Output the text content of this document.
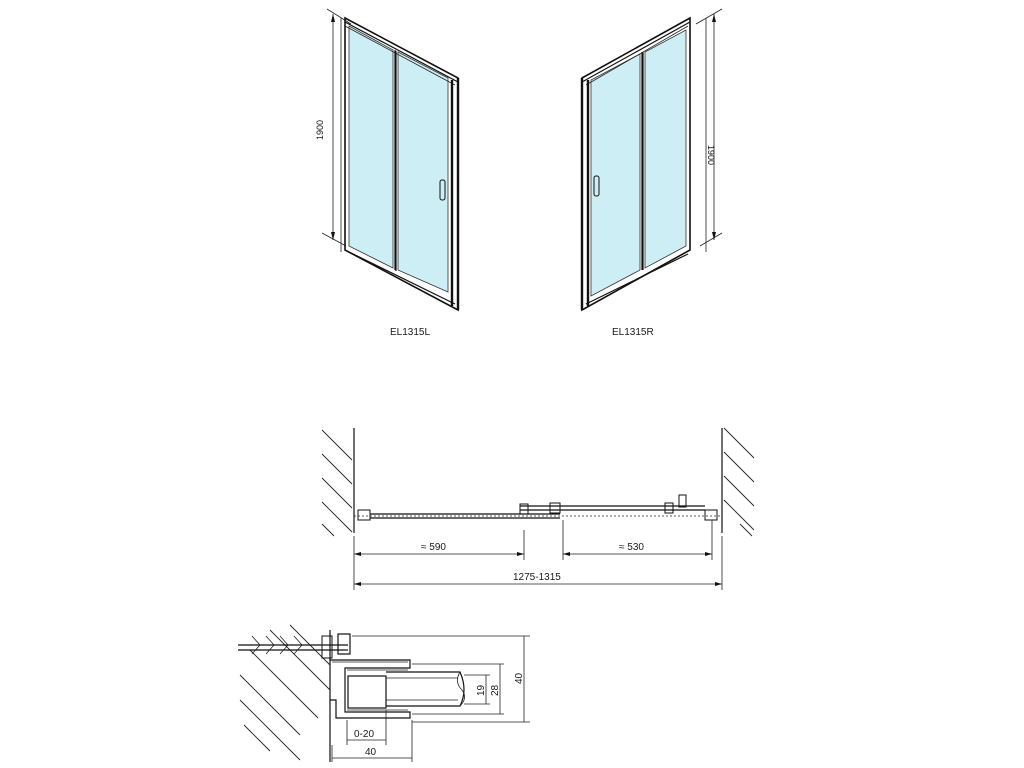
1900
EL1315L
1900
EL1315R
≈ 590	≈ 530
1275-1315
19 28
40
0-20
40
